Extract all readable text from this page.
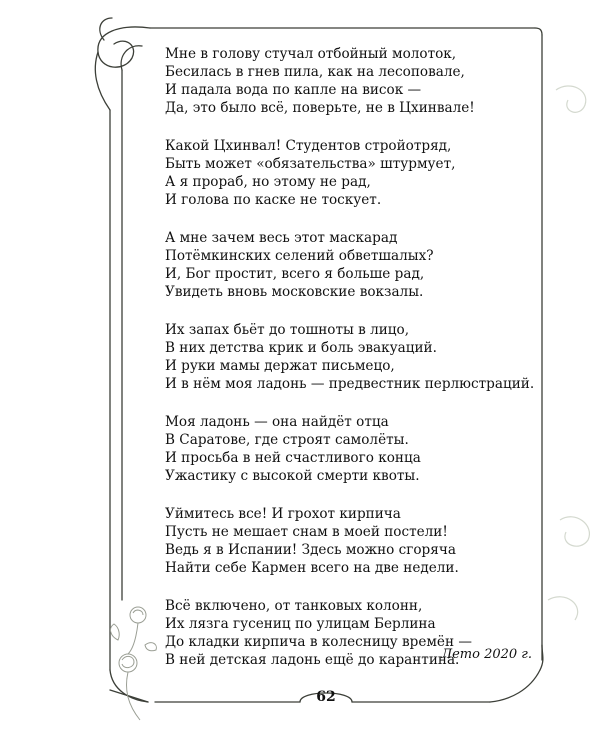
Мне в голову стучал отбойный молоток,
Бесилась в гнев пила, как на лесоповале,
И падала вода по капле на висок —
Да, это было всё, поверьте, не в Цхинвале!
Какой Цхинвал! Студентов стройотряд,
Быть может «обязательства» штурмует,
А я прораб, но этому не рад,
И голова по каске не тоскует.
А мне зачем весь этот маскарад
Потёмкинских селений обветшалых?
И, Бог простит, всего я больше рад,
Увидеть вновь московские вокзалы.
Их запах бьёт до тошноты в лицо,
В них детства крик и боль эвакуаций.
И руки мамы держат письмецо,
И в нём моя ладонь — предвестник перлюстраций.
Моя ладонь — она найдёт отца
В Саратове, где строят самолёты.
И просьба в ней счастливого конца
Ужастику с высокой смерти квоты.
Уймитесь все! И грохот кирпича
Пусть не мешает снам в моей постели!
Ведь я в Испании! Здесь можно сгоряча
Найти себе Кармен всего на две недели.
Всё включено, от танковых колонн,
Их лязга гусениц по улицам Берлина
До кладки кирпича в колесницу времён —
В ней детская ладонь ещё до карантина.
Лето 2020 г.
62
